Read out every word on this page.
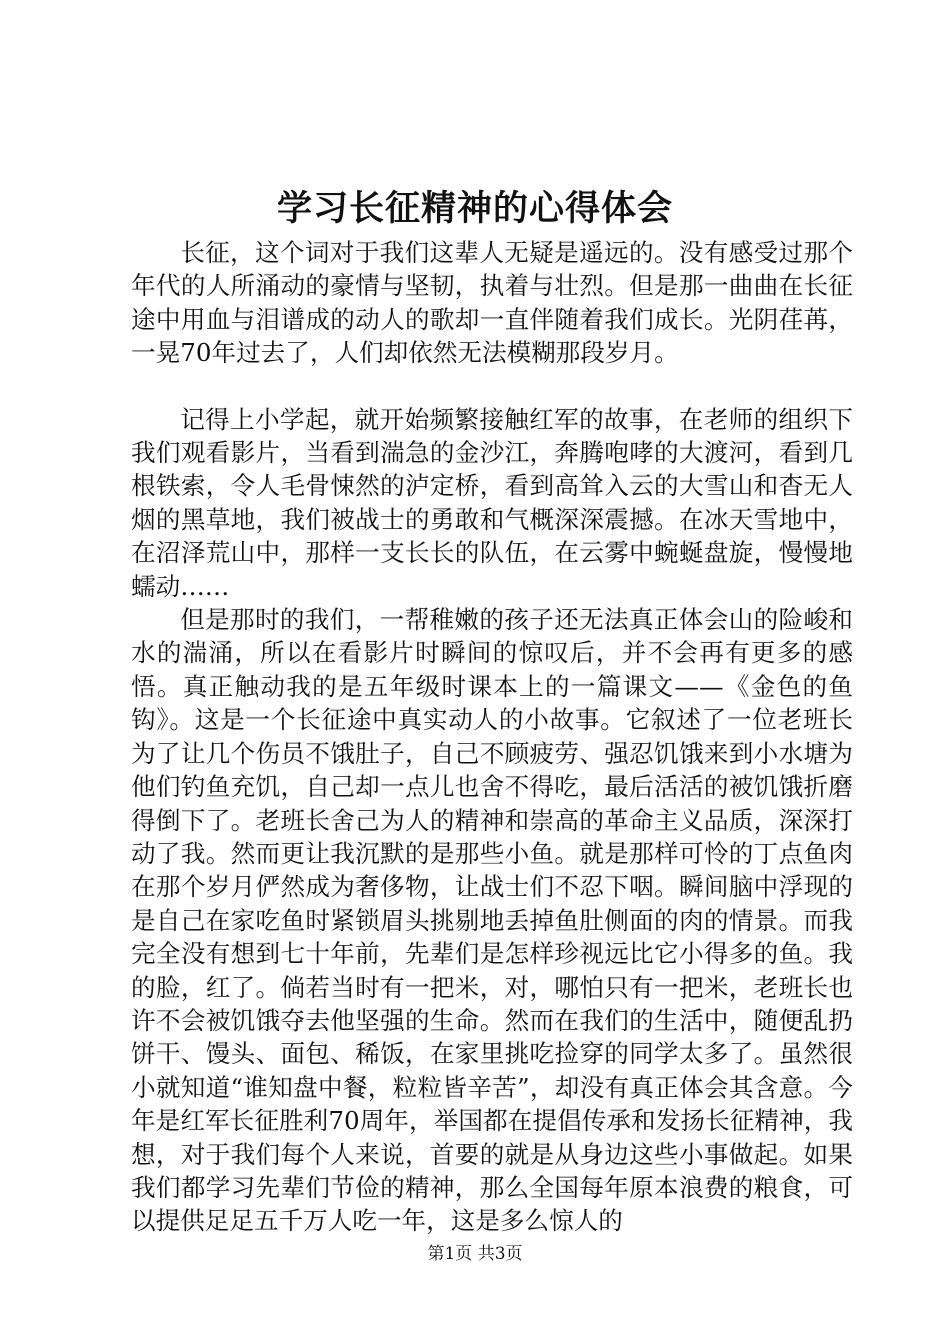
学习长征精神的心得体会

长征，这个词对于我们这辈人无疑是遥远的。没有感受过那个年代的人所涌动的豪情与坚韧，执着与壮烈。但是那一曲曲在长征途中用血与泪谱成的动人的歌却一直伴随着我们成长。光阴荏苒，一晃70年过去了，人们却依然无法模糊那段岁月。

记得上小学起，就开始频繁接触红军的故事，在老师的组织下我们观看影片，当看到湍急的金沙江，奔腾咆哮的大渡河，看到几根铁索，令人毛骨悚然的泸定桥，看到高耸入云的大雪山和杳无人烟的黑草地，我们被战士的勇敢和气概深深震撼。在冰天雪地中，在沼泽荒山中，那样一支长长的队伍，在云雾中蜿蜒盘旋，慢慢地蠕动……

但是那时的我们，一帮稚嫩的孩子还无法真正体会山的险峻和水的湍涌，所以在看影片时瞬间的惊叹后，并不会再有更多的感悟。真正触动我的是五年级时课本上的一篇课文——《金色的鱼钩》。这是一个长征途中真实动人的小故事。它叙述了一位老班长为了让几个伤员不饿肚子，自己不顾疲劳、强忍饥饿来到小水塘为他们钓鱼充饥，自己却一点儿也舍不得吃，最后活活的被饥饿折磨得倒下了。老班长舍己为人的精神和崇高的革命主义品质，深深打动了我。然而更让我沉默的是那些小鱼。就是那样可怜的丁点鱼肉在那个岁月俨然成为奢侈物，让战士们不忍下咽。瞬间脑中浮现的是自己在家吃鱼时紧锁眉头挑剔地丢掉鱼肚侧面的肉的情景。而我完全没有想到七十年前，先辈们是怎样珍视远比它小得多的鱼。我的脸，红了。倘若当时有一把米，对，哪怕只有一把米，老班长也许不会被饥饿夺去他坚强的生命。然而在我们的生活中，随便乱扔饼干、馒头、面包、稀饭，在家里挑吃捡穿的同学太多了。虽然很小就知道“谁知盘中餐，粒粒皆辛苦”，却没有真正体会其含意。今年是红军长征胜利70周年，举国都在提倡传承和发扬长征精神，我想，对于我们每个人来说，首要的就是从身边这些小事做起。如果我们都学习先辈们节俭的精神，那么全国每年原本浪费的粮食，可以提供足足五千万人吃一年，这是多么惊人的

第1页 共3页
